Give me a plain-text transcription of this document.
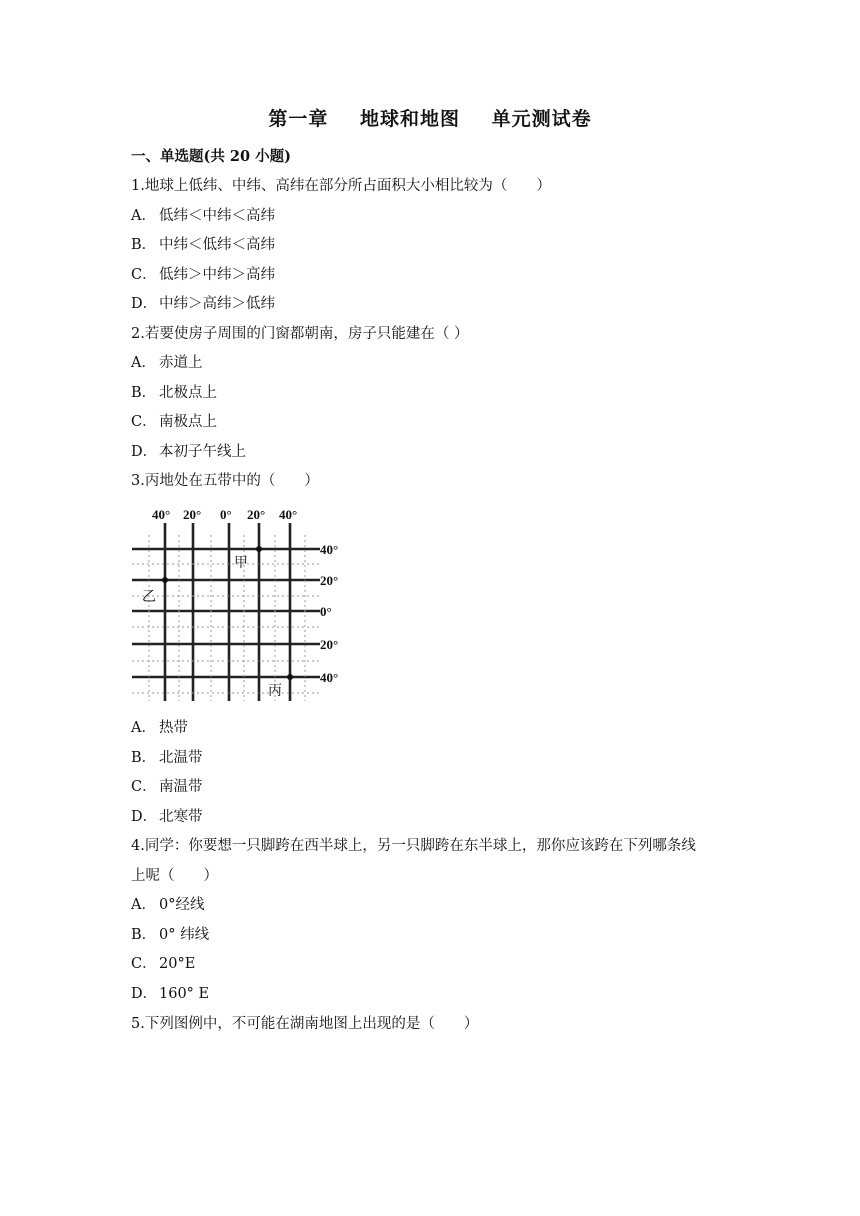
第一章 地球和地图 单元测试卷
一、单选题(共 20 小题)
1.地球上低纬、中纬、高纬在部分所占面积大小相比较为（　　）
A． 低纬＜中纬＜高纬
B． 中纬＜低纬＜高纬
C． 低纬＞中纬＞高纬
D． 中纬＞高纬＞低纬
2.若要使房子周围的门窗都朝南，房子只能建在（ ）
A． 赤道上
B． 北极点上
C． 南极点上
D． 本初子午线上
3.丙地处在五带中的（　　）
40° 20° 0° 20° 40°
40°
20°
0°
20°
40°
甲
乙
丙
A． 热带
B． 北温带
C． 南温带
D． 北寒带
4.同学：你要想一只脚跨在西半球上，另一只脚跨在东半球上，那你应该跨在下列哪条线
上呢（　　）
A． 0°经线
B． 0° 纬线
C． 20°E
D． 160° E
5.下列图例中，不可能在湖南地图上出现的是（　　）
